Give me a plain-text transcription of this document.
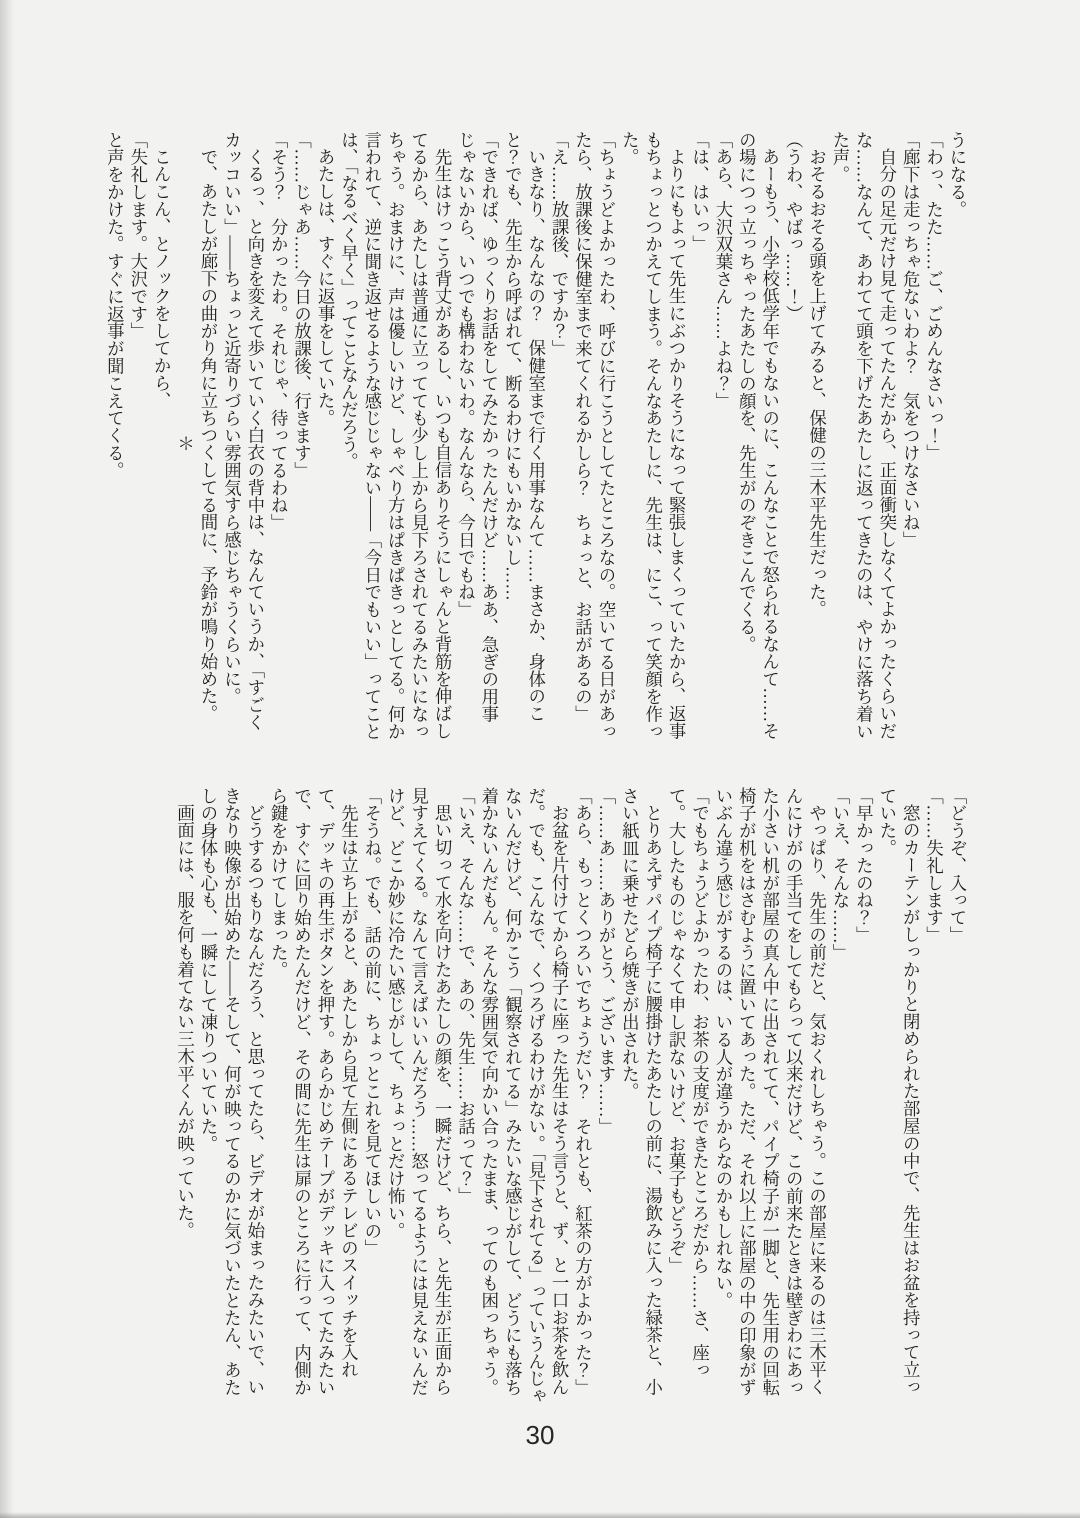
うになる。

「わっ、たた……ご、ごめんなさいっ！」

「廊下は走っちゃ危ないわよ？　気をつけなさいね」

自分の足元だけ見て走ってたんだから、正面衝突しなくてよかったくらいだな……なんて、あわてて頭を下げたあたしに返ってきたのは、やけに落ち着いた声。

おそるおそる頭を上げてみると、保健の三木平先生だった。

（うわ、やばっ……！）

あーもう、小学校低学年でもないのに、こんなことで怒られるなんて……その場につっ立っちゃったあたしの顔を、先生がのぞきこんでくる。

「あら、大沢双葉さん……よね？」

「は、はいっ」

よりにもよって先生にぶつかりそうになって緊張しまくっていたから、返事もちょっとつかえてしまう。そんなあたしに、先生は、にこ、って笑顔を作った。

「ちょうどよかったわ、呼びに行こうとしてたところなの。空いてる日があったら、放課後に保健室まで来てくれるかしら？　ちょっと、お話があるの」

「え……放課後、ですか？」

いきなり、なんなの？　保健室まで行く用事なんて……まさか、身体のこと？でも、先生から呼ばれて、断るわけにもいかないし……

「できれば、ゆっくりお話をしてみたかったんだけど……ああ、急ぎの用事じゃないから、いつでも構わないわ。なんなら、今日でもね」

先生はけっこう背丈があるし、いつも自信ありそうにしゃんと背筋を伸ばしてるから、あたしは普通に立ってても少し上から見下ろされてるみたいになっちゃう。おまけに、声は優しいけど、しゃべり方はぱきぱきっとしてる。何か言われて、逆に聞き返せるような感じじゃない——「今日でもいい」ってことは、「なるべく早く」ってことなんだろう。

あたしは、すぐに返事をしていた。

「……じゃあ……今日の放課後、行きます」

「そう？　分かったわ。それじゃ、待ってるわね」

くるっ、と向きを変えて歩いていく白衣の背中は、なんていうか、「すごくカッコいい」——ちょっと近寄りづらい雰囲気すら感じちゃうくらいに。

で、あたしが廊下の曲がり角に立ちつくしてる間に、予鈴が鳴り始めた。

＊

こんこん、とノックをしてから、

「失礼します。大沢です」

と声をかけた。すぐに返事が聞こえてくる。

「どうぞ、入って」

「……失礼します」

窓のカーテンがしっかりと閉められた部屋の中で、先生はお盆を持って立っていた。

「早かったのね？」

「いえ、そんな……」

やっぱり、先生の前だと、気おくれしちゃう。この部屋に来るのは三木平くんにけがの手当てをしてもらって以来だけど、この前来たときは壁ぎわにあった小さい机が部屋の真ん中に出されてて、パイプ椅子が一脚と、先生用の回転椅子が机をはさむように置いてあった。ただ、それ以上に部屋の中の印象がずいぶん違う感じがするのは、いる人が違うからなのかもしれない。

「でもちょうどよかったわ、お茶の支度ができたところだから……さ、座って。大したものじゃなくて申し訳ないけど、お菓子もどうぞ」

とりあえずパイプ椅子に腰掛けたあたしの前に、湯飲みに入った緑茶と、小さい紙皿に乗せたどら焼きが出された。

「……あ……ありがとう、ございます……」

「あら、もっとくつろいでちょうだい？　それとも、紅茶の方がよかった？」

お盆を片付けてから椅子に座った先生はそう言うと、ず、と一口お茶を飲んだ。でも、こんなで、くつろげるわけがない。「見下されてる」っていうんじゃないんだけど、何かこう「観察されてる」みたいな感じがして、どうにも落ち着かないんだもん。そんな雰囲気で向かい合ったまま、ってのも困っちゃう。

「いえ、そんな……で、あの、先生……お話って？」

思い切って水を向けたあたしの顔を、一瞬だけど、ちら、と先生が正面から見すえてくる。なんて言えばいいんだろう……怒ってるようには見えないんだけど、どこか妙に冷たい感じがして、ちょっとだけ怖い。

「そうね。でも、話の前に、ちょっとこれを見てほしいの」

先生は立ち上がると、あたしから見て左側にあるテレビのスイッチを入れて、デッキの再生ボタンを押す。あらかじめテープがデッキに入ってたみたいで、すぐに回り始めたんだけど、その間に先生は扉のところに行って、内側から鍵をかけてしまった。

どうするつもりなんだろう、と思ってたら、ビデオが始まったみたいで、いきなり映像が出始めた——そして、何が映ってるのかに気づいたとたん、あたしの身体も心も、一瞬にして凍りついていた。

画面には、服を何も着てない三木平くんが映っていた。

30
